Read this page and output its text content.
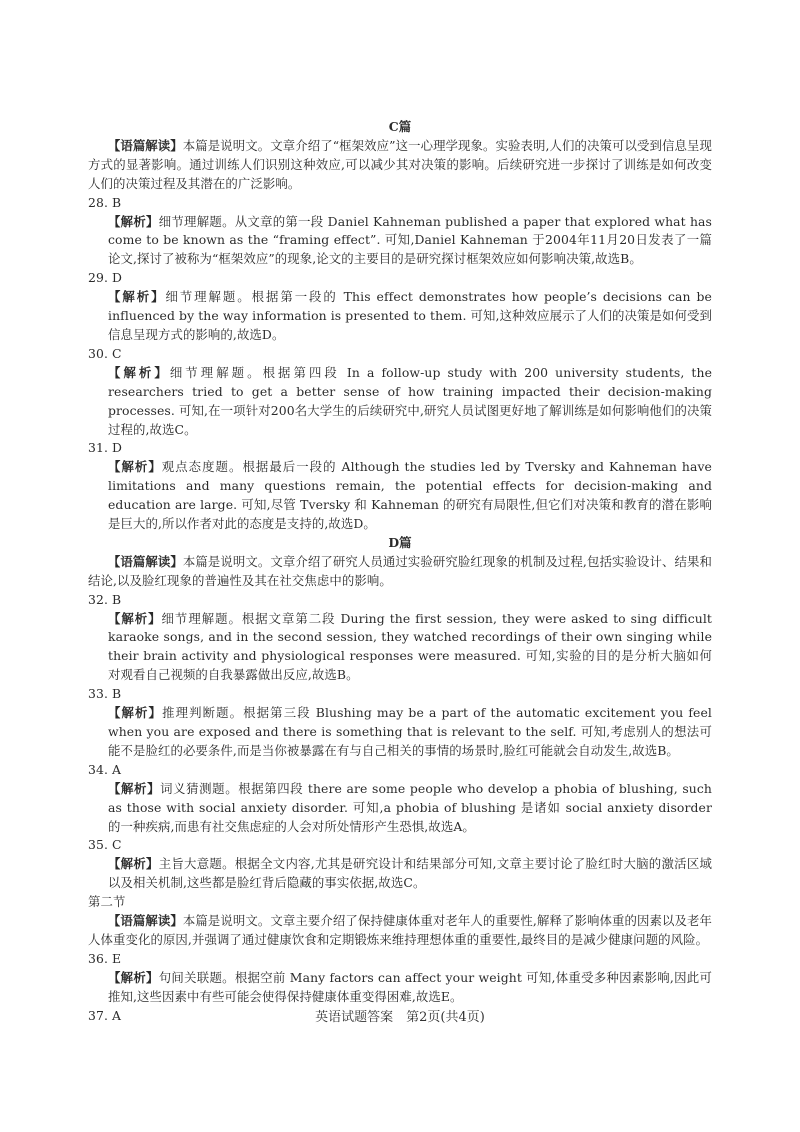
C篇
【语篇解读】本篇是说明文。文章介绍了“框架效应”这一心理学现象。实验表明,人们的决策可以受到信息呈现方式的显著影响。通过训练人们识别这种效应,可以减少其对决策的影响。后续研究进一步探讨了训练是如何改变人们的决策过程及其潜在的广泛影响。
28. B
【解析】细节理解题。从文章的第一段 Daniel Kahneman published a paper that explored what has come to be known as the “framing effect”. 可知,Daniel Kahneman 于2004年11月20日发表了一篇论文,探讨了被称为“框架效应”的现象,论文的主要目的是研究探讨框架效应如何影响决策,故选B。
29. D
【解析】细节理解题。根据第一段的 This effect demonstrates how people’s decisions can be influenced by the way information is presented to them. 可知,这种效应展示了人们的决策是如何受到信息呈现方式的影响的,故选D。
30. C
【解析】细节理解题。根据第四段 In a follow-up study with 200 university students, the researchers tried to get a better sense of how training impacted their decision-making processes. 可知,在一项针对200名大学生的后续研究中,研究人员试图更好地了解训练是如何影响他们的决策过程的,故选C。
31. D
【解析】观点态度题。根据最后一段的 Although the studies led by Tversky and Kahneman have limitations and many questions remain, the potential effects for decision-making and education are large. 可知,尽管 Tversky 和 Kahneman 的研究有局限性,但它们对决策和教育的潜在影响是巨大的,所以作者对此的态度是支持的,故选D。
D篇
【语篇解读】本篇是说明文。文章介绍了研究人员通过实验研究脸红现象的机制及过程,包括实验设计、结果和结论,以及脸红现象的普遍性及其在社交焦虑中的影响。
32. B
【解析】细节理解题。根据文章第二段 During the first session, they were asked to sing difficult karaoke songs, and in the second session, they watched recordings of their own singing while their brain activity and physiological responses were measured. 可知,实验的目的是分析大脑如何对观看自己视频的自我暴露做出反应,故选B。
33. B
【解析】推理判断题。根据第三段 Blushing may be a part of the automatic excitement you feel when you are exposed and there is something that is relevant to the self. 可知,考虑别人的想法可能不是脸红的必要条件,而是当你被暴露在有与自己相关的事情的场景时,脸红可能就会自动发生,故选B。
34. A
【解析】词义猜测题。根据第四段 there are some people who develop a phobia of blushing, such as those with social anxiety disorder. 可知,a phobia of blushing 是诸如 social anxiety disorder 的一种疾病,而患有社交焦虑症的人会对所处情形产生恐惧,故选A。
35. C
【解析】主旨大意题。根据全文内容,尤其是研究设计和结果部分可知,文章主要讨论了脸红时大脑的激活区域以及相关机制,这些都是脸红背后隐藏的事实依据,故选C。
第二节
【语篇解读】本篇是说明文。文章主要介绍了保持健康体重对老年人的重要性,解释了影响体重的因素以及老年人体重变化的原因,并强调了通过健康饮食和定期锻炼来维持理想体重的重要性,最终目的是减少健康问题的风险。
36. E
【解析】句间关联题。根据空前 Many factors can affect your weight 可知,体重受多种因素影响,因此可推知,这些因素中有些可能会使得保持健康体重变得困难,故选E。
37. A	英语试题答案　第2页(共4页)
